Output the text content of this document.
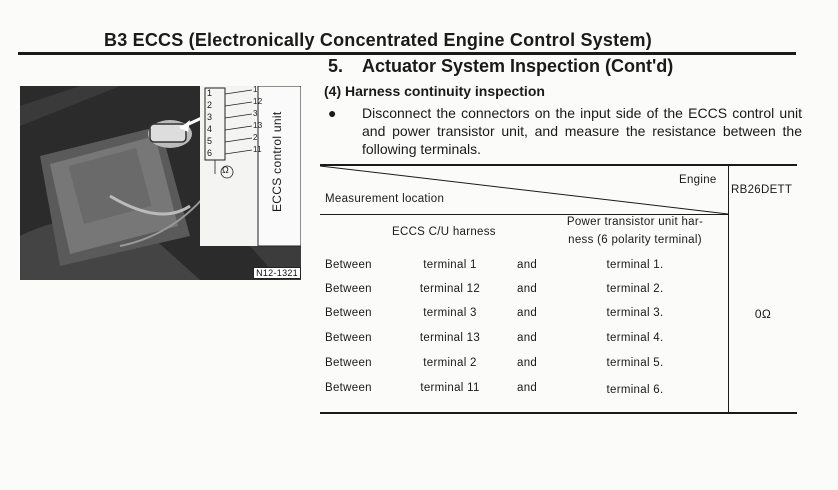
B3 ECCS (Electronically Concentrated Engine Control System)
5. Actuator System Inspection (Cont'd)
(4) Harness continuity inspection
●	Disconnect the connectors on the input side of the ECCS control unit and power transistor unit, and measure the resistance between the following terminals.
1
2
3
4
5
6
1
12
3
13
2
11
Ω	ECCS control unit
N12-1321
Engine
Measurement location
RB26DETT
ECCS C/U harness
Power transistor unit har-
ness (6 polarity terminal)
Between	terminal 1	and	terminal 1.
Between	terminal 12	and	terminal 2.
Between	terminal 3	and	terminal 3.
Between	terminal 13	and	terminal 4.
Between	terminal 2	and	terminal 5.
Between	terminal 11	and	terminal 6.
0Ω
